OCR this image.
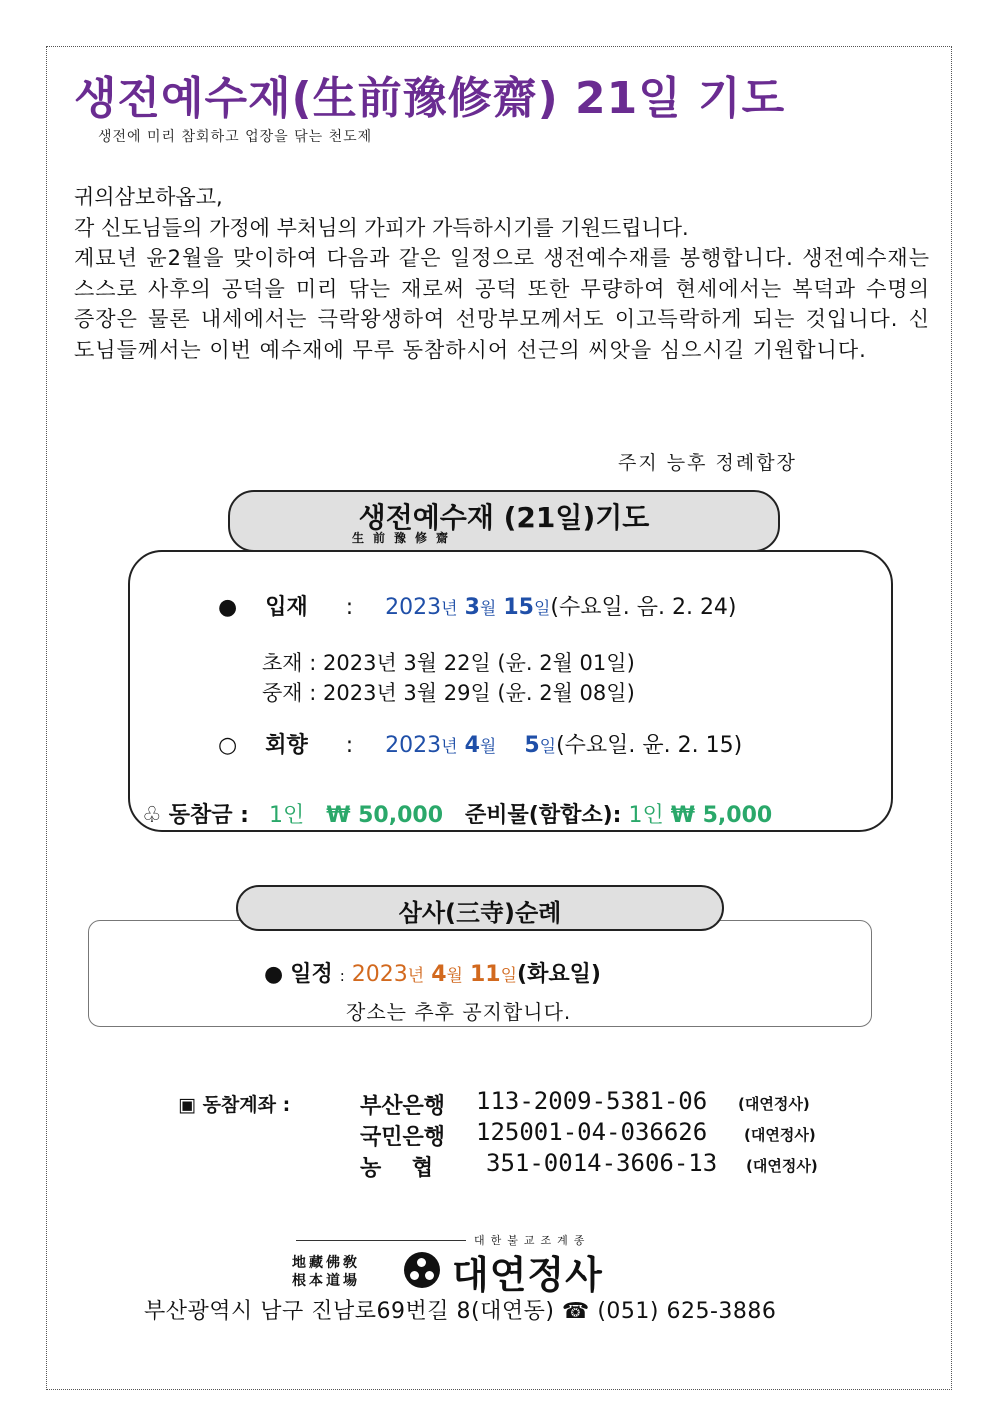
생전예수재(生前豫修齋) 21일 기도
생전에 미리 참회하고 업장을 닦는 천도제

귀의삼보하옵고,

각 신도님들의 가정에 부처님의 가피가 가득하시기를 기원드립니다.

계묘년 윤2월을 맞이하여 다음과 같은 일정으로 생전예수재를 봉행합니다. 생전예수재는 스스로 사후의 공덕을 미리 닦는 재로써 공덕 또한 무량하여 현세에서는 복덕과 수명의 증장은 물론 내세에서는 극락왕생하여 선망부모께서도 이고득락하게 되는 것입니다. 신도님들께서는 이번 예수재에 무루 동참하시어 선근의 씨앗을 심으시길 기원합니다.

주지 능후 정례합장
생전예수재 (21일)기도
生前豫修齋
● 입재 : 2023년 3월 15일(수요일. 음. 2. 24)
초재 : 2023년 3월 22일 (윤. 2월 01일)
중재 : 2023년 3월 29일 (윤. 2월 08일)
○ 회향 : 2023년 4월 5일(수요일. 윤. 2. 15)
♧ 동참금 : 1인 ₩ 50,000 준비물(함합소): 1인 ₩ 5,000
삼사(三寺)순례
● 일정 : 2023년 4월 11일(화요일)
장소는 추후 공지합니다.
▣ 동참계좌 :	부산은행 113-2009-5381-06 (대연정사)
국민은행 125001-04-036626 (대연정사)
농    협 351-0014-3606-13 (대연정사)
대한불교조계종
地藏佛敎
根本道場 대연정사
부산광역시 남구 진남로69번길 8(대연동) ☎ (051) 625-3886
